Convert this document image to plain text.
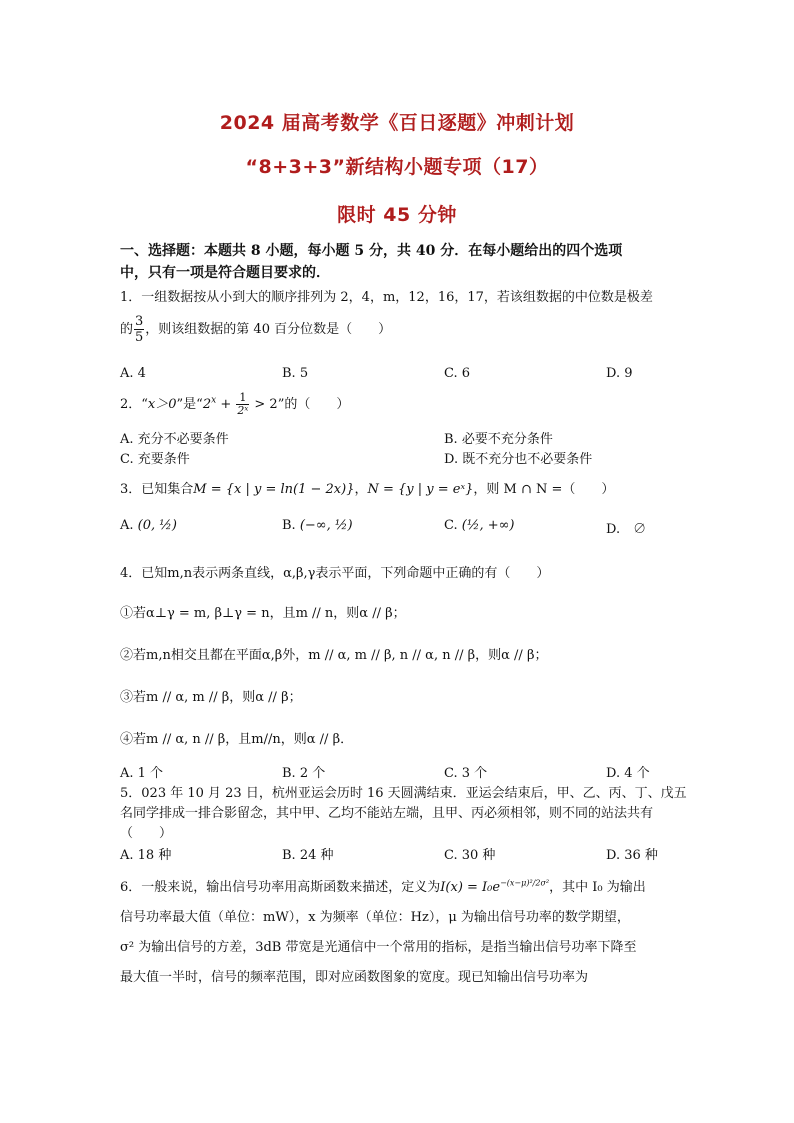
2024 届高考数学《百日逐题》冲刺计划
“8+3+3”新结构小题专项（17）
限时 45 分钟
一、选择题：本题共 8 小题，每小题 5 分，共 40 分．在每小题给出的四个选项
中，只有一项是符合题目要求的．
1．一组数据按从小到大的顺序排列为 2，4，m，12，16，17，若该组数据的中位数是极差
的 $\frac{3}{5}$ ，则该组数据的第 40 百分位数是（　　）
A. 4	B. 5	C. 6	D. 9
2．“x＞0”是“$2^x + \frac{1}{\text{2ˣ}} > 2$”的（　　）
A. 充分不必要条件	B. 必要不充分条件
C. 充要条件	D. 既不充分也不必要条件
3．已知集合M = {x | y = ln(1 − 2x)}，N = {y | y = eˣ}，则 M ∩ N =（　　）
A. (0, ½)	B. (−∞, ½)	C. (½, +∞)	D.　∅
4．已知m,n表示两条直线，α,β,γ表示平面，下列命题中正确的有（　　）
①若α⊥γ = m, β⊥γ = n，且m // n，则α // β；
②若m,n相交且都在平面α,β外，m // α, m // β, n // α, n // β，则α // β；
③若m // α, m // β，则α // β；
④若m // α, n // β，且m//n，则α // β．
A. 1 个	B. 2 个	C. 3 个	D. 4 个
5．023 年 10 月 23 日，杭州亚运会历时 16 天圆满结束．亚运会结束后，甲、乙、丙、丁、戊五
名同学排成一排合影留念，其中甲、乙均不能站左端，且甲、丙必须相邻，则不同的站法共有
（　　）
A. 18 种	B. 24 种	C. 30 种	D. 36 种
6．一般来说，输出信号功率用高斯函数来描述，定义为$I(x) = I_0e^{-(x-\mu)^2/2\sigma^2}$，其中 I₀ 为输出
信号功率最大值（单位：mW），x 为频率（单位：Hz），μ 为输出信号功率的数学期望，
σ² 为输出信号的方差，3dB 带宽是光通信中一个常用的指标，是指当输出信号功率下降至
最大值一半时，信号的频率范围，即对应函数图象的宽度。现已知输出信号功率为
